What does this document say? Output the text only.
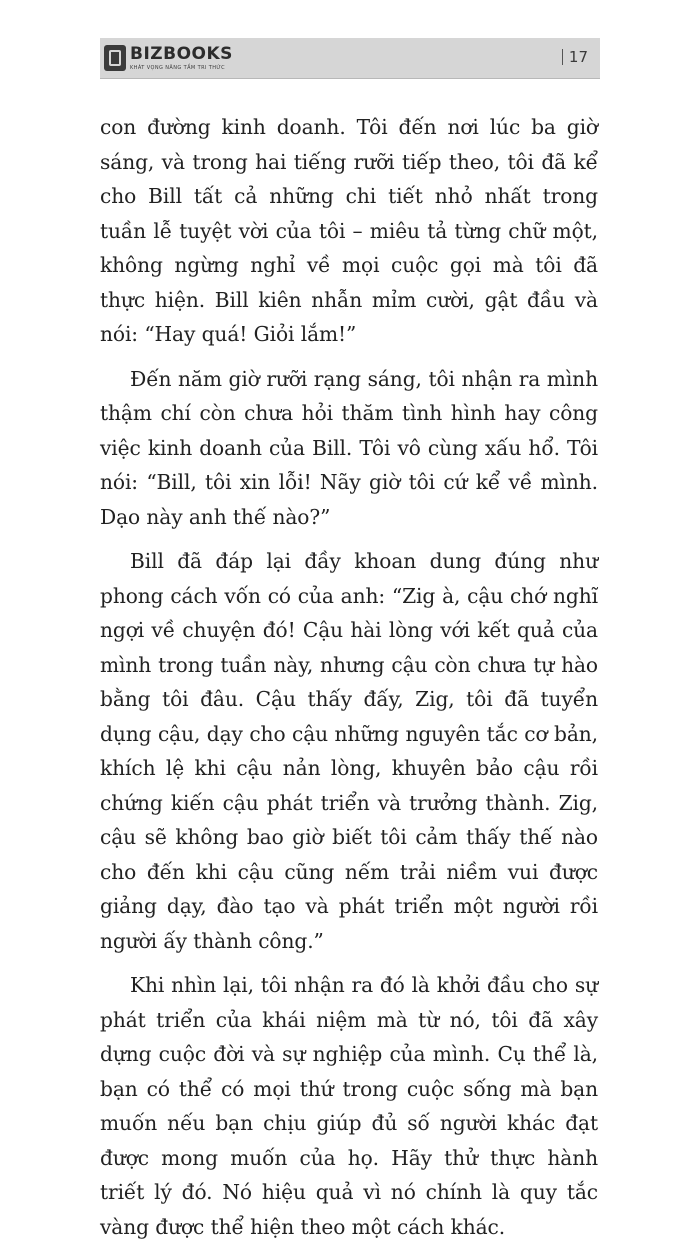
BIZBOOKS
KHÁT VỌNG NÂNG TẦM TRI THỨC
17

con đường kinh doanh. Tôi đến nơi lúc ba giờ sáng, và trong hai tiếng rưỡi tiếp theo, tôi đã kể cho Bill tất cả những chi tiết nhỏ nhất trong tuần lễ tuyệt vời của tôi – miêu tả từng chữ một, không ngừng nghỉ về mọi cuộc gọi mà tôi đã thực hiện. Bill kiên nhẫn mỉm cười, gật đầu và nói: “Hay quá! Giỏi lắm!”

Đến năm giờ rưỡi rạng sáng, tôi nhận ra mình thậm chí còn chưa hỏi thăm tình hình hay công việc kinh doanh của Bill. Tôi vô cùng xấu hổ. Tôi nói: “Bill, tôi xin lỗi! Nãy giờ tôi cứ kể về mình. Dạo này anh thế nào?”

Bill đã đáp lại đầy khoan dung đúng như phong cách vốn có của anh: “Zig à, cậu chớ nghĩ ngợi về chuyện đó! Cậu hài lòng với kết quả của mình trong tuần này, nhưng cậu còn chưa tự hào bằng tôi đâu. Cậu thấy đấy, Zig, tôi đã tuyển dụng cậu, dạy cho cậu những nguyên tắc cơ bản, khích lệ khi cậu nản lòng, khuyên bảo cậu rồi chứng kiến cậu phát triển và trưởng thành. Zig, cậu sẽ không bao giờ biết tôi cảm thấy thế nào cho đến khi cậu cũng nếm trải niềm vui được giảng dạy, đào tạo và phát triển một người rồi người ấy thành công.”

Khi nhìn lại, tôi nhận ra đó là khởi đầu cho sự phát triển của khái niệm mà từ nó, tôi đã xây dựng cuộc đời và sự nghiệp của mình. Cụ thể là, bạn có thể có mọi thứ trong cuộc sống mà bạn muốn nếu bạn chịu giúp đủ số người khác đạt được mong muốn của họ. Hãy thử thực hành triết lý đó. Nó hiệu quả vì nó chính là quy tắc vàng được thể hiện theo một cách khác.
